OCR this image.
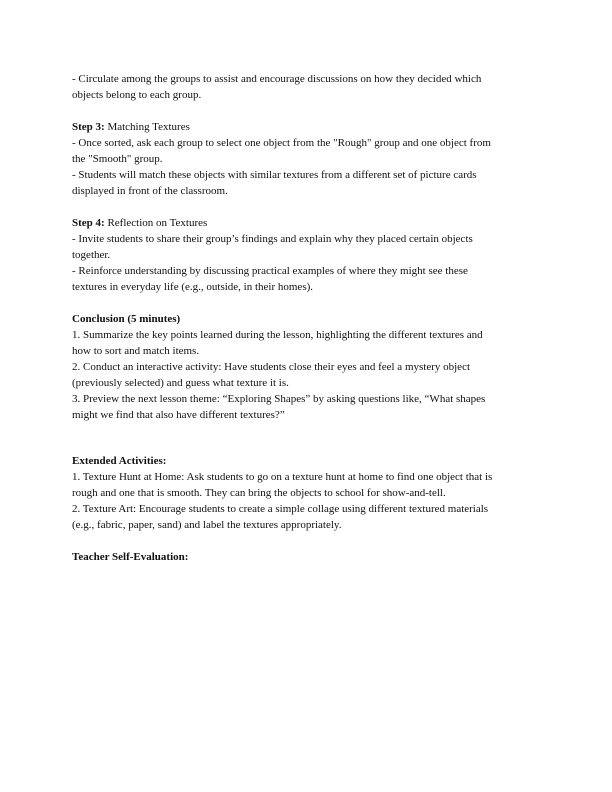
- Circulate among the groups to assist and encourage discussions on how they decided which
objects belong to each group.
Step 3: Matching Textures
- Once sorted, ask each group to select one object from the "Rough" group and one object from
the "Smooth" group.
- Students will match these objects with similar textures from a different set of picture cards
displayed in front of the classroom.
Step 4: Reflection on Textures
- Invite students to share their group’s findings and explain why they placed certain objects
together.
- Reinforce understanding by discussing practical examples of where they might see these
textures in everyday life (e.g., outside, in their homes).
Conclusion (5 minutes)
1. Summarize the key points learned during the lesson, highlighting the different textures and
how to sort and match items.
2. Conduct an interactive activity: Have students close their eyes and feel a mystery object
(previously selected) and guess what texture it is.
3. Preview the next lesson theme: “Exploring Shapes” by asking questions like, “What shapes
might we find that also have different textures?”
Extended Activities:
1. Texture Hunt at Home: Ask students to go on a texture hunt at home to find one object that is
rough and one that is smooth. They can bring the objects to school for show-and-tell.
2. Texture Art: Encourage students to create a simple collage using different textured materials
(e.g., fabric, paper, sand) and label the textures appropriately.
Teacher Self-Evaluation:
